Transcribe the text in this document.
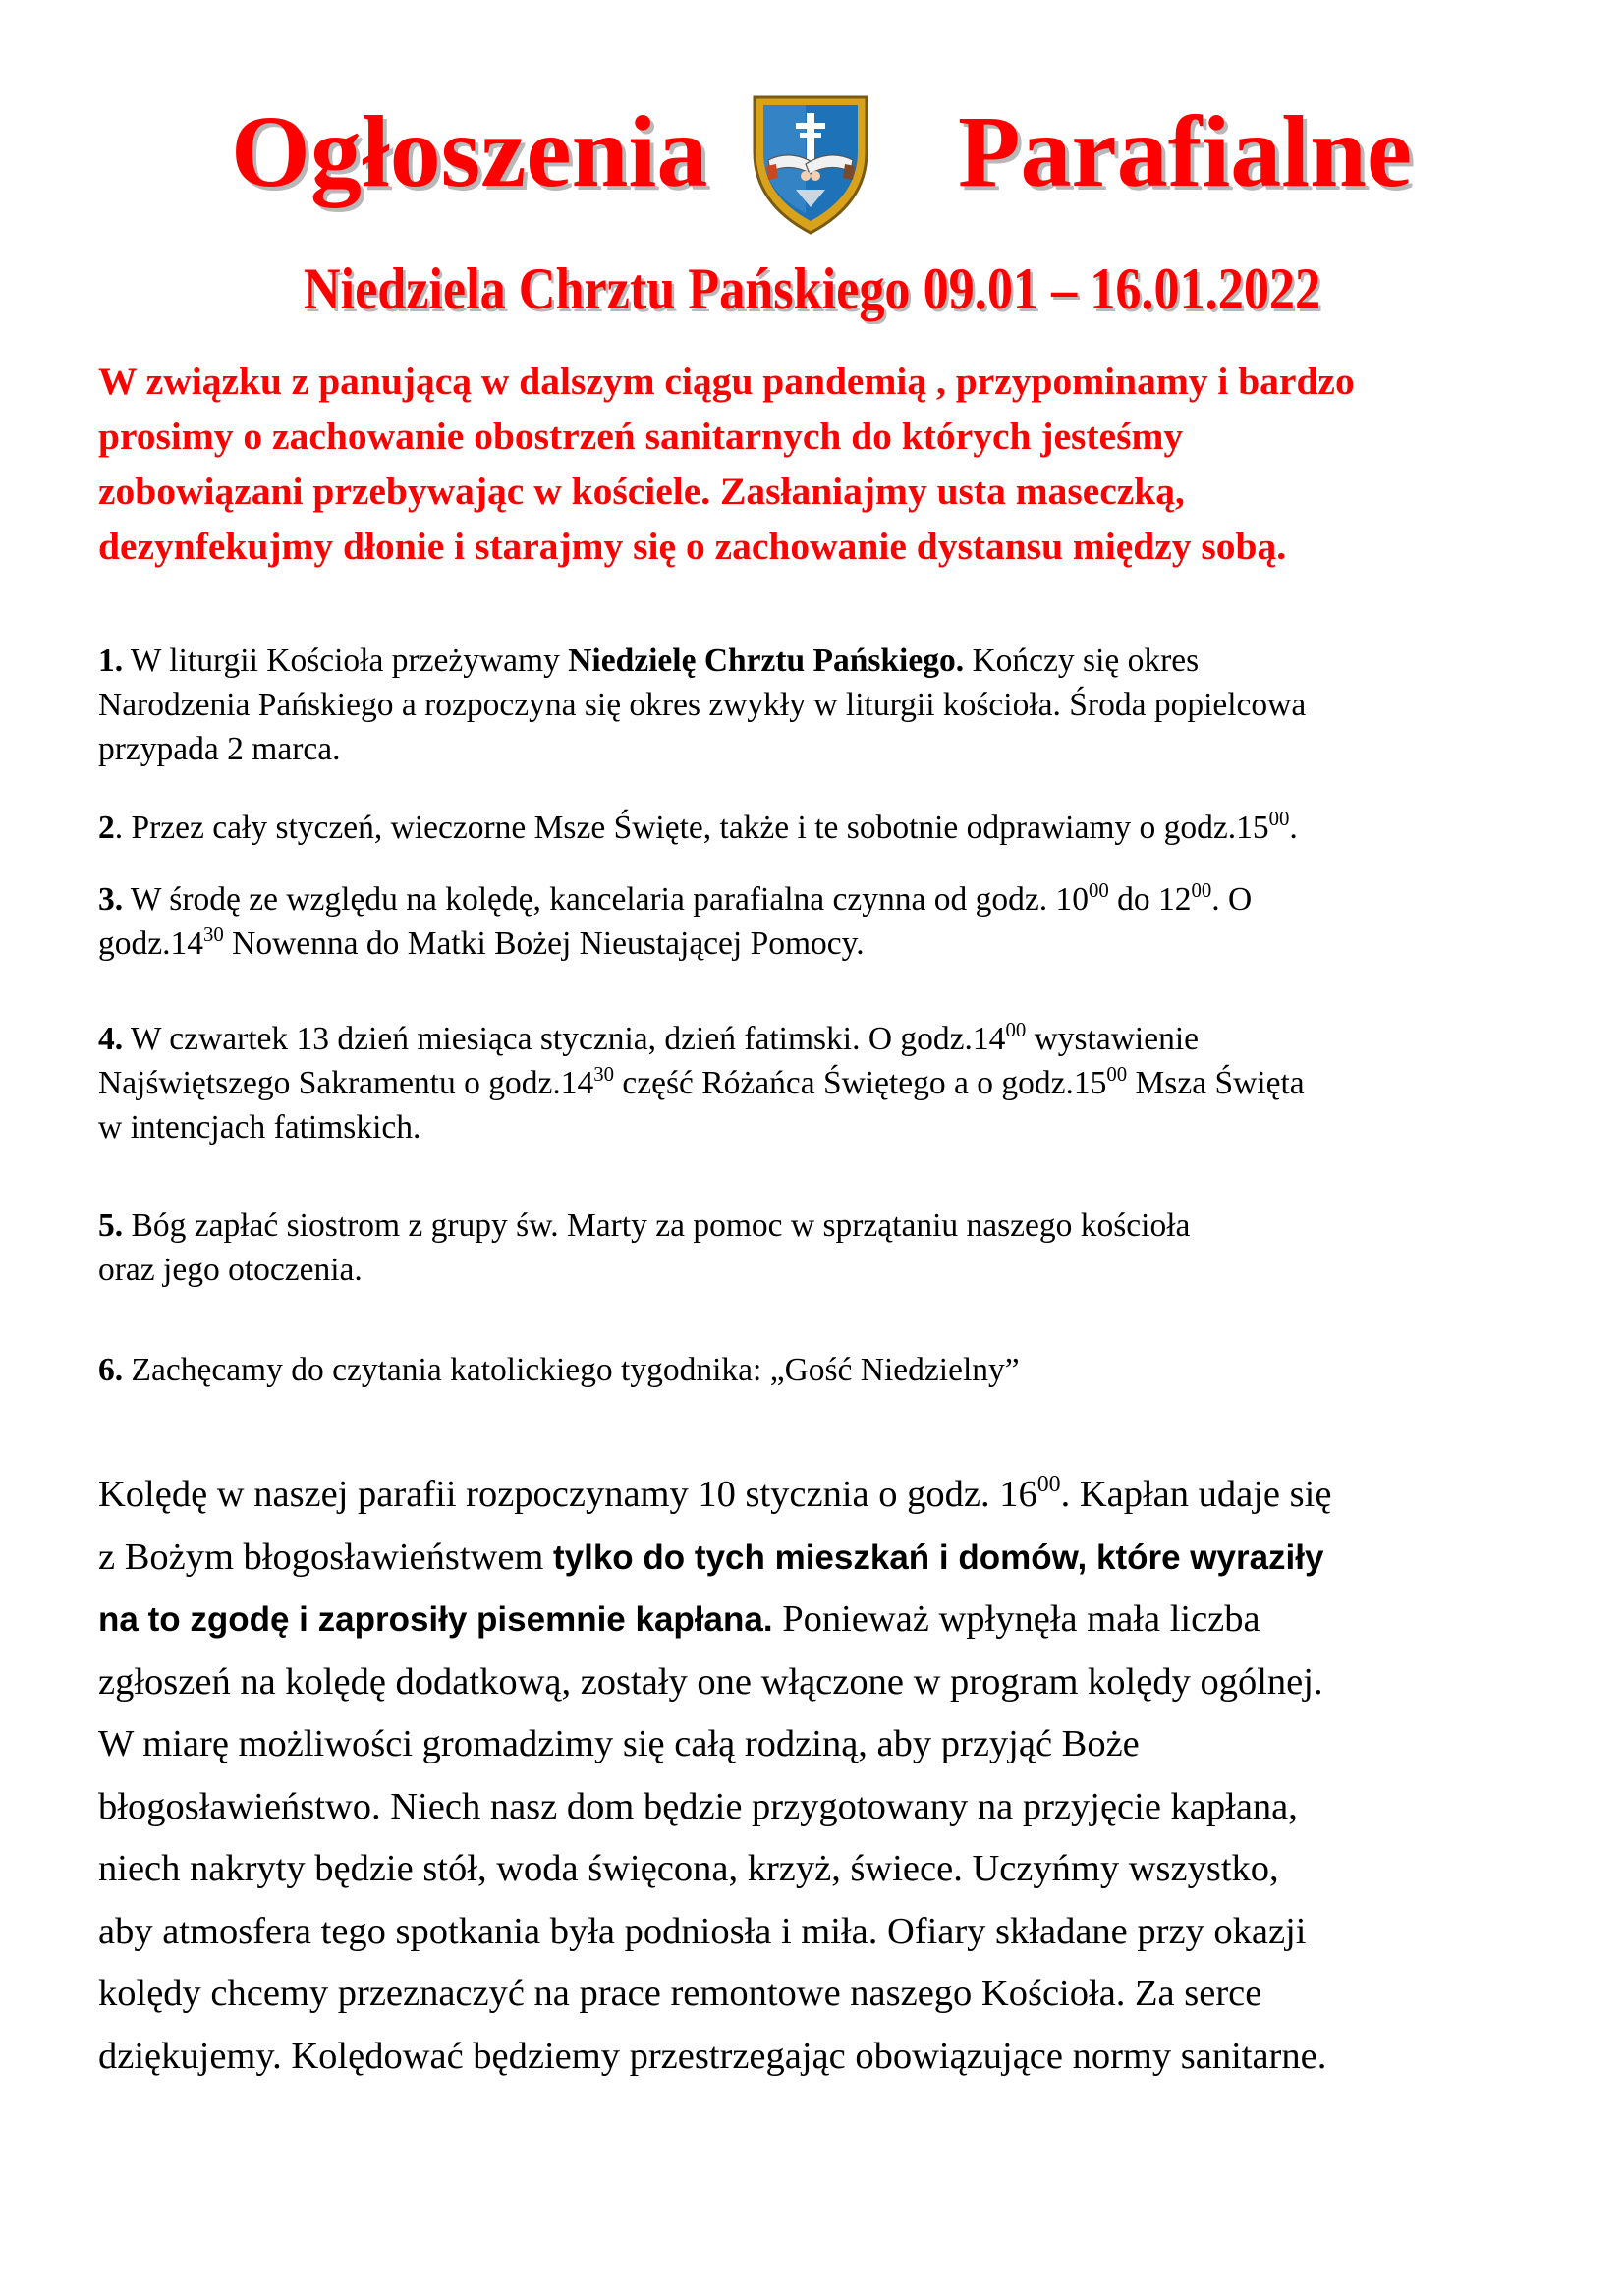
Ogłoszenia Parafialne
Niedziela Chrztu Pańskiego 09.01 – 16.01.2022
W związku z panującą w dalszym ciągu pandemią , przypominamy i bardzo
prosimy o zachowanie obostrzeń sanitarnych do których jesteśmy
zobowiązani przebywając w kościele. Zasłaniajmy usta maseczką,
dezynfekujmy dłonie i starajmy się o zachowanie dystansu między sobą.
1. W liturgii Kościoła przeżywamy Niedzielę Chrztu Pańskiego. Kończy się okres
Narodzenia Pańskiego a rozpoczyna się okres zwykły w liturgii kościoła. Środa popielcowa
przypada 2 marca.
2. Przez cały styczeń, wieczorne Msze Święte, także i te sobotnie odprawiamy o $godz.15^{00}$.
3. W środę ze względu na kolędę, kancelaria parafialna czynna od godz. $10^{00}$ do $12^{00}$. O
$godz.14^{30}$ Nowenna do Matki Bożej Nieustającej Pomocy.
4. W czwartek 13 dzień miesiąca stycznia, dzień fatimski. O $godz.14^{00}$ wystawienie
Najświętszego Sakramentu o $godz.14^{30}$ część Różańca Świętego a o $godz.15^{00}$ Msza Święta
w intencjach fatimskich.
5. Bóg zapłać siostrom z grupy św. Marty za pomoc w sprzątaniu naszego kościoła
oraz jego otoczenia.
6. Zachęcamy do czytania katolickiego tygodnika: „Gość Niedzielny”
Kolędę w naszej parafii rozpoczynamy 10 stycznia o godz. $16^{00}$. Kapłan udaje się
z Bożym błogosławieństwem tylko do tych mieszkań i domów, które wyraziły
na to zgodę i zaprosiły pisemnie kapłana. Ponieważ wpłynęła mała liczba
zgłoszeń na kolędę dodatkową, zostały one włączone w program kolędy ogólnej.
W miarę możliwości gromadzimy się całą rodziną, aby przyjąć Boże
błogosławieństwo. Niech nasz dom będzie przygotowany na przyjęcie kapłana,
niech nakryty będzie stół, woda święcona, krzyż, świece. Uczyńmy wszystko,
aby atmosfera tego spotkania była podniosła i miła. Ofiary składane przy okazji
kolędy chcemy przeznaczyć na prace remontowe naszego Kościoła. Za serce
dziękujemy. Kolędować będziemy przestrzegając obowiązujące normy sanitarne.
